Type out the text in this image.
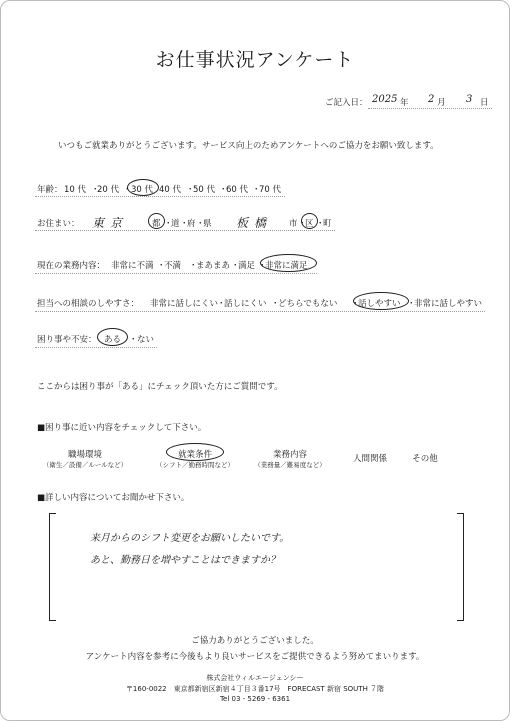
お仕事状況アンケート
ご記入日： 2025 年 2 月 3 日
いつもご就業ありがとうございます。サービス向上のためアンケートへのご協力をお願い致します。
年齢： 10 代 ・
20 代 ・ 30 代 40 代 ・
50 代 ・
60 代 ・
70 代
お住まい： 東京	都 ・
道 ・
府 ・
県 板橋 市 ・
区 ・
町
現在の業務内容： 非常に不満 ・
不満 ・
まあまあ ・
満足 ・
非常に満足
担当への相談のしやすさ： 非常に話しにくい
・
話しにくい ・
どちらでもない ・
話しやすい ・
非常に話しやすい
困り事や不安： ある ・ ない
ここからは困り事が「ある」にチェック頂いた方にご質問です。
■困り事に近い内容をチェックして下さい。
職場環境
（衛生／設備／ルールなど）
就業条件
（シフト／勤務時間など）
業務内容
（業務量／難易度など）
人間関係	その他
■詳しい内容についてお聞かせ下さい。
来月からのシフト変更をお願いしたいです。
あと、勤務日を増やすことはできますか？
ご協力ありがとうございました。
アンケート内容を参考に今後もより良いサービスをご提供できるよう努めてまいります。
株式会社ウィルエージェンシー
〒160-0022　東京都新宿区新宿４丁目３番17号　FORECAST 新宿 SOUTH ７階
Tel 03 - 5269 - 6361
